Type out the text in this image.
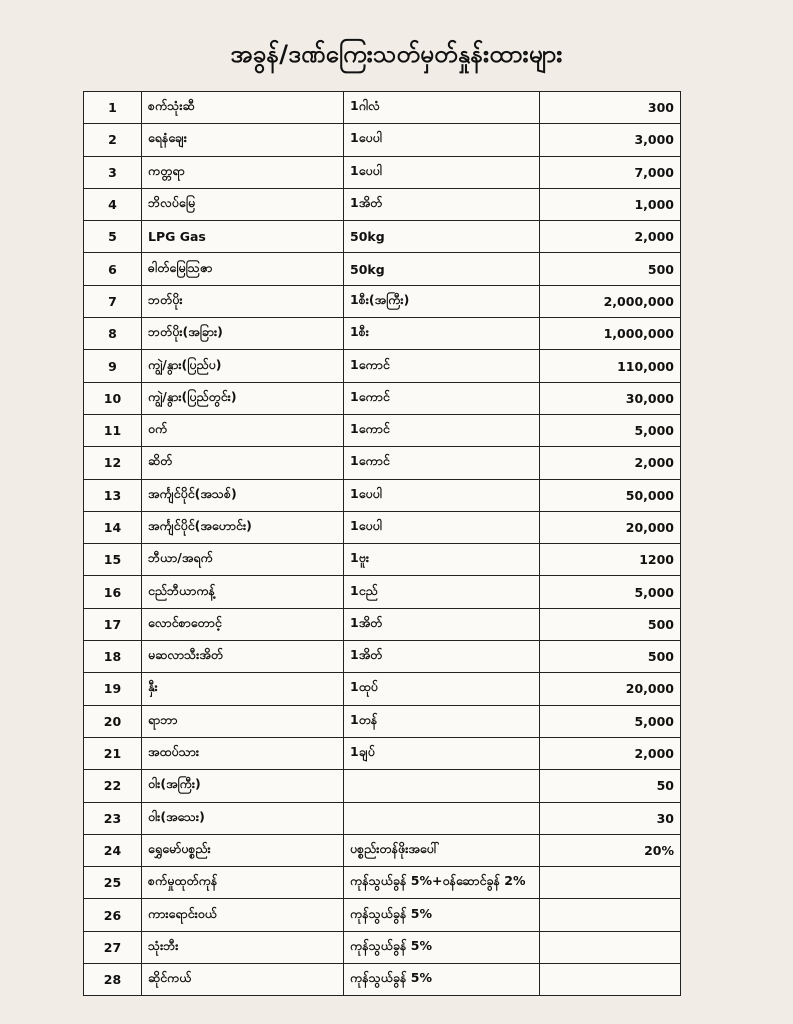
အခွန်/ဒဏ်ကြေးသတ်မှတ်နှုန်းထားများ
1	စက်သုံးဆီ	1ဂါလံ	300
2	ရေနံချေး	1ပေပါ	3,000
3	ကတ္တရာ	1ပေပါ	7,000
4	ဘိလပ်မြေ	1အိတ်	1,000
5	LPG Gas	50kg	2,000
6	ဓါတ်မြေဩဇာ	50kg	500
7	ဘတ်ပိုး	1စီး(အကြီး)	2,000,000
8	ဘတ်ပိုး(အခြား)	1စီး	1,000,000
9	ကျွဲ/နွား(ပြည်ပ)	1ကောင်	110,000
10	ကျွဲ/နွား(ပြည်တွင်း)	1ကောင်	30,000
11	ဝက်	1ကောင်	5,000
12	ဆိတ်	1ကောင်	2,000
13	အင်္ကျင်ပိုင်(အသစ်)	1ပေပါ	50,000
14	အင်္ကျင်ပိုင်(အဟောင်း)	1ပေပါ	20,000
15	ဘီယာ/အရက်	1ဗူး	1200
16	ငည်ဘီယာကန့်	1ငည်	5,000
17	လောင်စာတောင့်	1အိတ်	500
18	မဆလာသီးအိတ်	1အိတ်	500
19	နှီး	1ထုပ်	20,000
20	ရာဘာ	1တန်	5,000
21	အထပ်သား	1ချပ်	2,000
22	ဝါး(အကြီး)		50
23	ဝါး(အသေး)		30
24	ရွှေမော်ပစ္စည်း	ပစ္စည်းတန်ဖိုးအပေါ်	20%
25	စက်မှုထုတ်ကုန်	ကုန်သွယ်ခွန် 5%+ဝန်ဆောင်ခွန် 2%	
26	ကားရောင်းဝယ်	ကုန်သွယ်ခွန် 5%	
27	သုံးဘီး	ကုန်သွယ်ခွန် 5%	
28	ဆိုင်ကယ်	ကုန်သွယ်ခွန် 5%	
